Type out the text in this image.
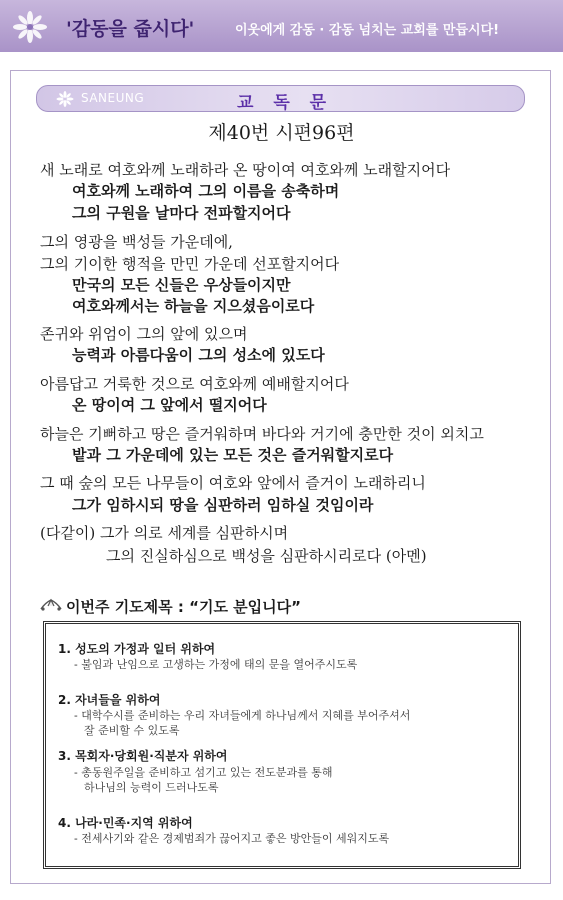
'감동을 줍시다'	이웃에게 감동 · 감동 넘치는 교회를 만듭시다!
SANEUNG	교 독 문
제40번 시편96편
새 노래로 여호와께 노래하라 온 땅이여 여호와께 노래할지어다
여호와께 노래하여 그의 이름을 송축하며
그의 구원을 날마다 전파할지어다
그의 영광을 백성들 가운데에,
그의 기이한 행적을 만민 가운데 선포할지어다
만국의 모든 신들은 우상들이지만
여호와께서는 하늘을 지으셨음이로다
존귀와 위엄이 그의 앞에 있으며
능력과 아름다움이 그의 성소에 있도다
아름답고 거룩한 것으로 여호와께 예배할지어다
온 땅이여 그 앞에서 떨지어다
하늘은 기뻐하고 땅은 즐거워하며 바다와 거기에 충만한 것이 외치고
밭과 그 가운데에 있는 모든 것은 즐거워할지로다
그 때 숲의 모든 나무들이 여호와 앞에서 즐거이 노래하리니
그가 임하시되 땅을 심판하러 임하실 것임이라
(다같이) 그가 의로 세계를 심판하시며
그의 진실하심으로 백성을 심판하시리로다 (아멘)
이번주 기도제목 : “기도 분입니다”
1. 성도의 가정과 일터 위하여
- 불임과 난임으로 고생하는 가정에 태의 문을 열어주시도록
2. 자녀들을 위하여
- 대학수시를 준비하는 우리 자녀들에게 하나님께서 지혜를 부어주셔서
잘 준비할 수 있도록
3. 목회자·당회원·직분자 위하여
- 총동원주일을 준비하고 섬기고 있는 전도분과를 통해
하나님의 능력이 드러나도록
4. 나라·민족·지역 위하여
- 전세사기와 같은 경제범죄가 끊어지고 좋은 방안들이 세워지도록
